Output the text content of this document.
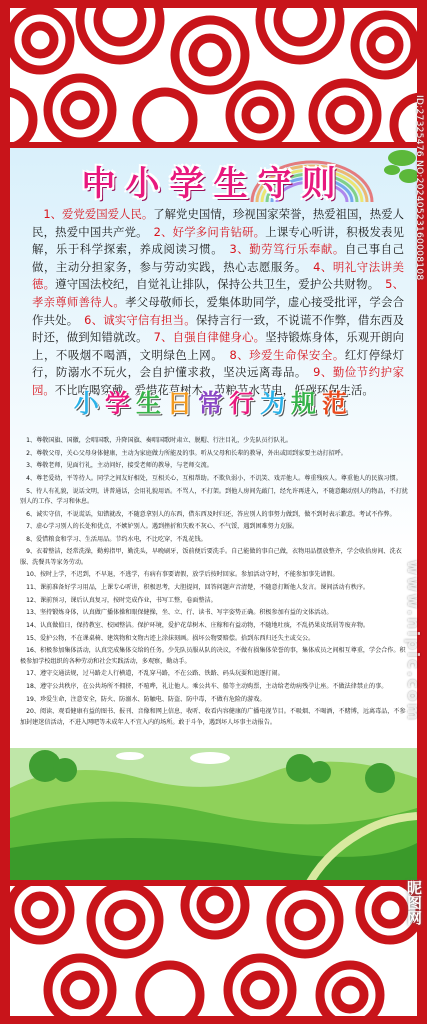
中小学生守则
　1、爱党爱国爱人民。了解党史国情，珍视国家荣誉，热爱祖国，热爱人民，热爱中国共产党。　2、好学多问肯钻研。上课专心听讲，积极发表见解，乐于科学探索，养成阅读习惯。　3、勤劳笃行乐奉献。自己事自己做，主动分担家务，参与劳动实践，热心志愿服务。　4、明礼守法讲美德。遵守国法校纪，自觉礼让排队，保持公共卫生，爱护公共财物。　5、孝亲尊师善待人。孝父母敬师长，爱集体助同学，虚心接受批评，学会合作共处。　6、诚实守信有担当。保持言行一致，不说谎不作弊，借东西及时还，做到知错就改。　7、自强自律健身心。坚持锻炼身体，乐观开朗向上，不吸烟不喝酒，文明绿色上网。　8、珍爱生命保安全。红灯停绿灯行，防溺水不玩火，会自护懂求救，坚决远离毒品。　9、勤俭节约护家园。不比吃喝穿戴，爱惜花草树木，节粮节水节电，低碳环保生活。
小学生日常行为规范

　1、尊敬国旗、国徽，会唱国歌，升降国旗、奏唱国歌时肃立、脱帽、行注目礼，少先队员行队礼。

　2、尊敬父母，关心父母身体健康，主动为家庭做力所能及的事。听从父母和长辈的教导，外出或回到家要主动打招呼。

　3、尊敬老师，见面行礼，主动问好，接受老师的教导，与老师交流。

　4、尊老爱幼，平等待人。同学之间友好相处，互相关心，互相帮助。不欺负弱小，不讥笑、戏弄他人。尊重残疾人。尊重他人的民族习惯。

　5、待人有礼貌，说话文明，讲普通话，会用礼貌用语。不骂人，不打架。到他人房间先敲门，经允许再进入，不随意翻动别人的物品，不打扰别人的工作、学习和休息。

　6、诚实守信，不说谎话，知错就改，不随意拿别人的东西，借东西及时归还，答应别人的事努力做到，做不到时表示歉意。考试不作弊。

　7、虚心学习别人的长处和优点，不嫉妒别人。遇到挫折和失败不灰心、不气馁，遇到困难努力克服。

　8、爱惜粮食和学习、生活用品。节约水电，不比吃穿，不乱花钱。

　9、衣着整洁，经常洗澡，勤剪指甲，勤洗头，早晚刷牙，饭前便后要洗手。自己能做的事自己做，衣物用品摆放整齐，学会收拾房间、洗衣服、洗餐具等家务劳动。

　10、按时上学，不迟到，不早退，不逃学，有病有事要请假，放学后按时回家。参加活动守时，不能参加事先请假。

　11、课前准备好学习用品，上课专心听讲，积极思考，大胆提问，回答问题声音清楚，不随意打断他人发言。课间活动有秩序。

　12、课前预习，课后认真复习，按时完成作业，书写工整，卷面整洁。

　13、坚持锻炼身体，认真做广播体操和眼保健操，坐、立、行、读书、写字姿势正确。积极参加有益的文体活动。

　14、认真做值日，保持教室、校园整洁。保护环境，爱护花草树木、庄稼和有益动物，不随地吐痰，不乱扔果皮纸屑等废弃物。

　15、爱护公物，不在课桌椅、建筑物和文物古迹上涂抹刻画。损坏公物要赔偿。拾到东西归还失主或交公。

　16、积极参加集体活动，认真完成集体交给的任务。少先队员服从队的决议，不做有损集体荣誉的事，集体成员之间相互尊重，学会合作。积极参加学校组织的各种劳动和社会实践活动，多观察，勤动手。

　17、遵守交通法规，过马路走人行横道，不乱穿马路，不在公路、铁路、码头玩耍和追逐打闹。

　18、遵守公共秩序，在公共场所不拥挤，不喧哗，礼让他人。乘公共车、船等主动购票，主动给老幼病残孕让座。不做法律禁止的事。

　19、珍爱生命，注意安全，防火、防溺水、防触电、防盗、防中毒，不做有危险的游戏。

　20、阅读、观看健康有益的图书、报刊、音像和网上信息，收听、收看内容健康的广播电视节目。不吸烟、不喝酒，不赌博，远离毒品，不参加封建迷信活动，不进入网吧等未成年人不宜入内的场所。敢于斗争，遇到坏人坏事主动报告。

ID:27325476 NO:20240523160008108
www.nipic.com
昵图网
